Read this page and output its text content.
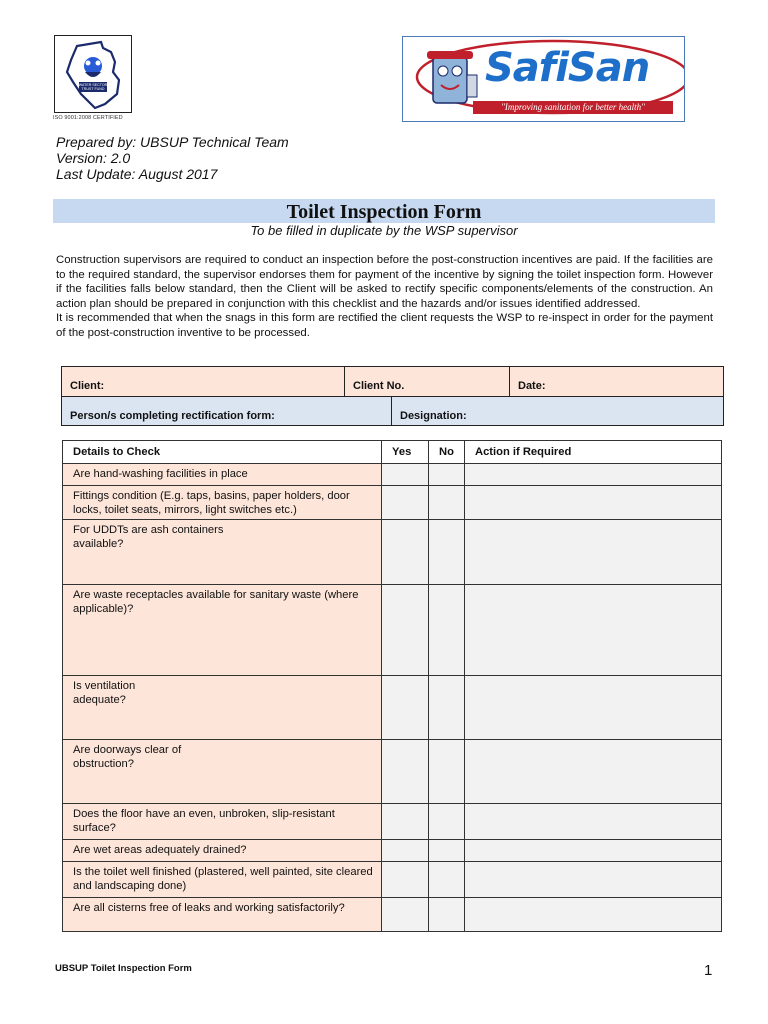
WATER SECTOR TRUST FUND
ISO 9001:2008 CERTIFIED
SafiSan
"Improving sanitation for better health"
Prepared by: UBSUP Technical Team
Version: 2.0
Last Update: August 2017
Toilet Inspection Form
To be filled in duplicate by the WSP supervisor

Construction supervisors are required to conduct an inspection before the post-construction incentives are paid. If the facilities are to the required standard, the supervisor endorses them for payment of the incentive by signing the toilet inspection form. However if the facilities falls below standard, then the Client will be asked to rectify specific components/elements of the construction. An action plan should be prepared in conjunction with this checklist and the hazards and/or issues identified addressed.

It is recommended that when the snags in this form are rectified the client requests the WSP to re-inspect in order for the payment of the post-construction inventive to be processed.

Client:	Client No.	Date:
Person/s completing rectification form:	Designation:
Details to Check	Yes	No	Action if Required
Are hand-washing facilities in place			
Fittings condition (E.g. taps, basins, paper holders, door locks, toilet seats, mirrors, light switches etc.)			
For UDDTs are ash containers available?			
Are waste receptacles available for sanitary waste (where applicable)?			
Is ventilation adequate?			
Are doorways clear of obstruction?			
Does the floor have an even, unbroken, slip-resistant surface?			
Are wet areas adequately drained?			
Is the toilet well finished (plastered, well painted, site cleared and landscaping done)			
Are all cisterns free of leaks and working satisfactorily?			
UBSUP Toilet Inspection Form	1
